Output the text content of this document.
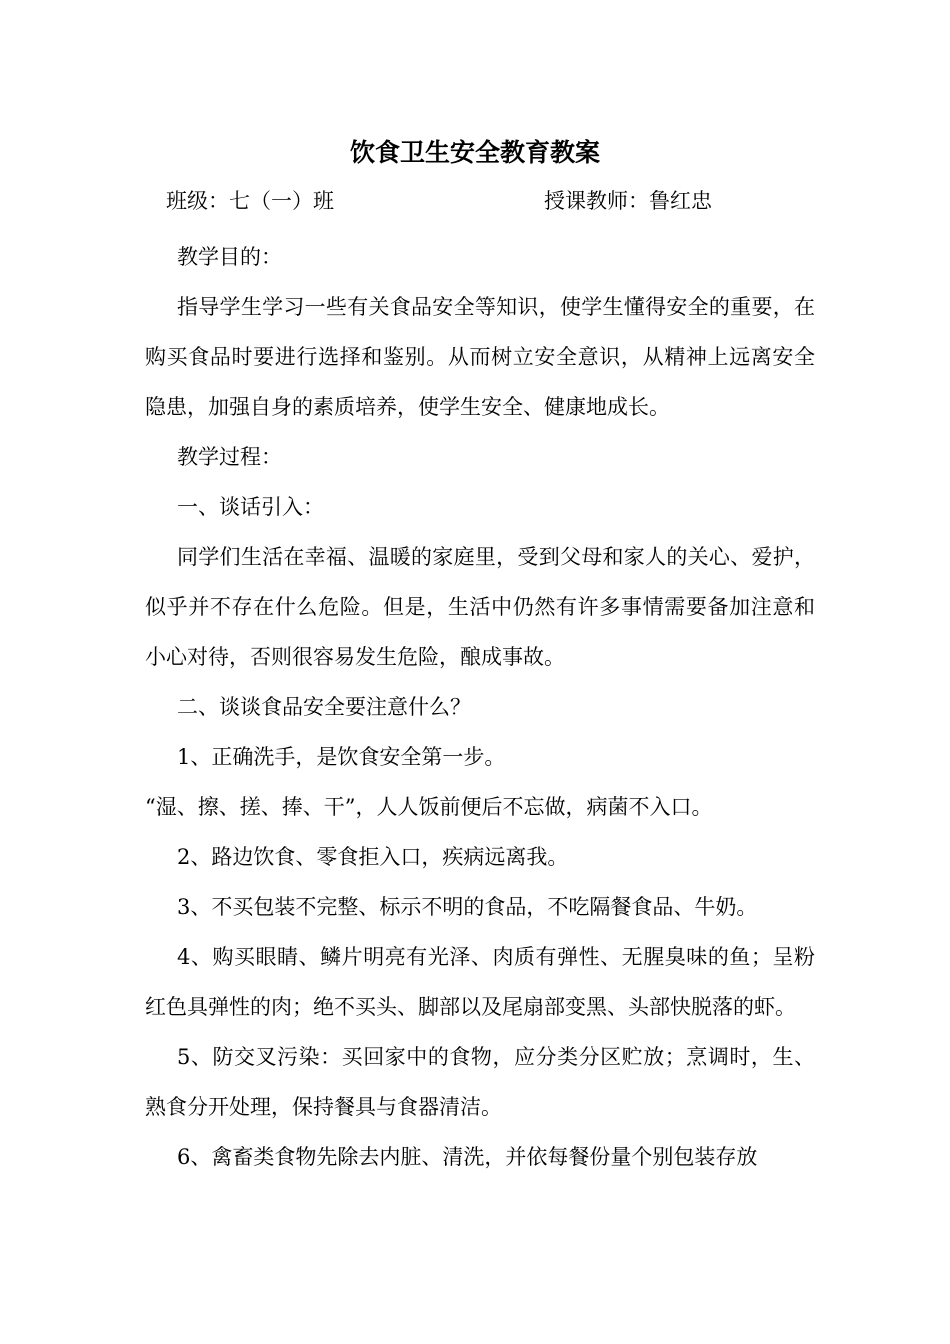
饮食卫生安全教育教案
班级：七（一）班	授课教师：鲁红忠

教学目的：

指导学生学习一些有关食品安全等知识，使学生懂得安全的重要，在购买食品时要进行选择和鉴别。从而树立安全意识，从精神上远离安全隐患，加强自身的素质培养，使学生安全、健康地成长。

教学过程：

一、谈话引入：

同学们生活在幸福、温暖的家庭里，受到父母和家人的关心、爱护，似乎并不存在什么危险。但是，生活中仍然有许多事情需要备加注意和小心对待，否则很容易发生危险，酿成事故。

二、谈谈食品安全要注意什么？

1、正确洗手，是饮食安全第一步。

“湿、擦、搓、捧、干”，人人饭前便后不忘做，病菌不入口。

2、路边饮食、零食拒入口，疾病远离我。

3、不买包装不完整、标示不明的食品，不吃隔餐食品、牛奶。

4、购买眼睛、鳞片明亮有光泽、肉质有弹性、无腥臭味的鱼；呈粉红色具弹性的肉；绝不买头、脚部以及尾扇部变黑、头部快脱落的虾。

5、防交叉污染：买回家中的食物，应分类分区贮放；烹调时，生、熟食分开处理，保持餐具与食器清洁。

6、禽畜类食物先除去内脏、清洗，并依每餐份量个别包装存放
